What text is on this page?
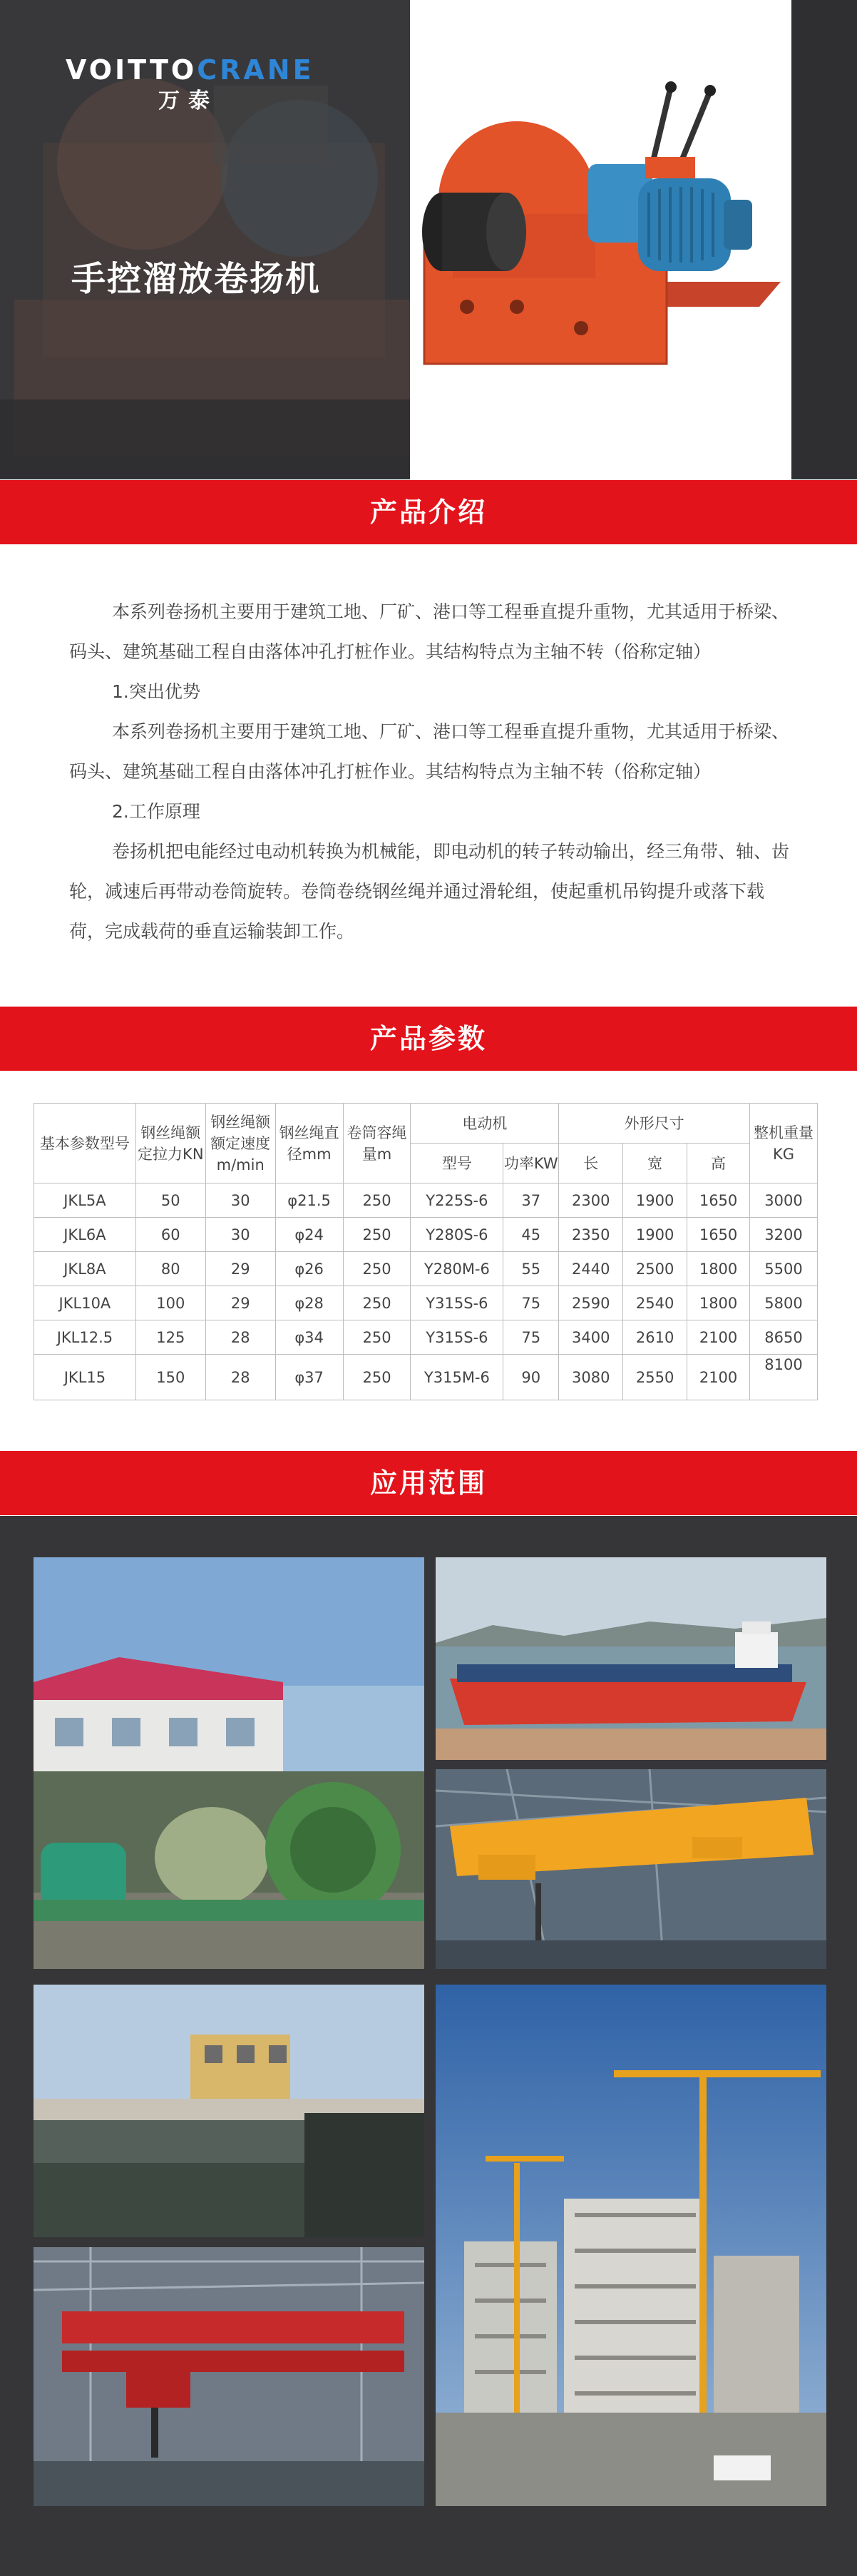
VOITTOCRANE
万泰
手控溜放卷扬机
产品介绍

本系列卷扬机主要用于建筑工地、厂矿、港口等工程垂直提升重物，尤其适用于桥梁、码头、建筑基础工程自由落体冲孔打桩作业。其结构特点为主轴不转（俗称定轴）

1.突出优势

本系列卷扬机主要用于建筑工地、厂矿、港口等工程垂直提升重物，尤其适用于桥梁、码头、建筑基础工程自由落体冲孔打桩作业。其结构特点为主轴不转（俗称定轴）

2.工作原理

卷扬机把电能经过电动机转换为机械能，即电动机的转子转动输出，经三角带、轴、齿轮，减速后再带动卷筒旋转。卷筒卷绕钢丝绳并通过滑轮组，使起重机吊钩提升或落下载荷，完成载荷的垂直运输装卸工作。

产品参数
基本参数型号	钢丝绳额定拉力KN	钢丝绳额额定速度m/min	钢丝绳直径mm	卷筒容绳量m	电动机		外形尺寸			整机重量KG
					型号	功率KW	长	宽	高	
JKL5A	50	30	φ21.5	250	Y225S-6	37	2300	1900	1650	3000
JKL6A	60	30	φ24	250	Y280S-6	45	2350	1900	1650	3200
JKL8A	80	29	φ26	250	Y280M-6	55	2440	2500	1800	5500
JKL10A	100	29	φ28	250	Y315S-6	75	2590	2540	1800	5800
JKL12.5	125	28	φ34	250	Y315S-6	75	3400	2610	2100	8650
JKL15	150	28	φ37	250	Y315M-6	90	3080	2550	2100	8100
应用范围
